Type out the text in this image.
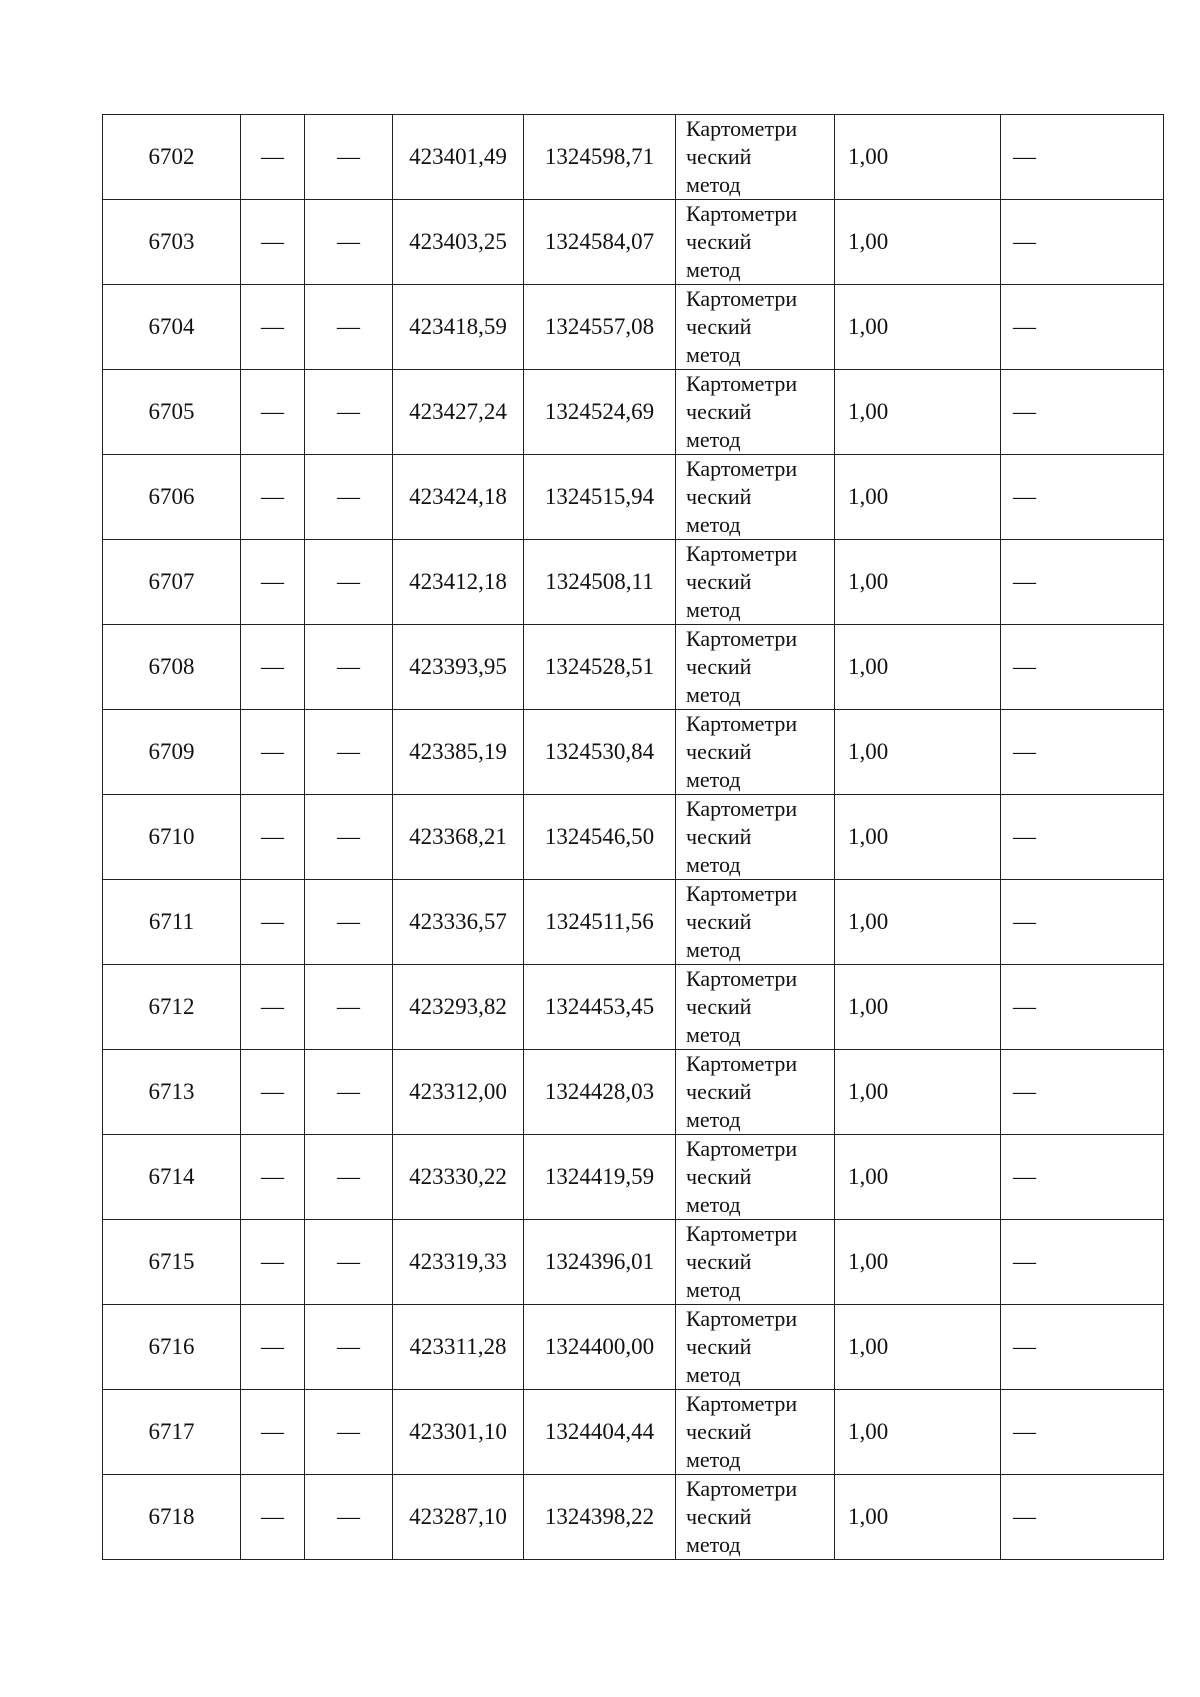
6702	—	—	423401,49	1324598,71	Картометри
ческий
метод	1,00	—
6703	—	—	423403,25	1324584,07	Картометри
ческий
метод	1,00	—
6704	—	—	423418,59	1324557,08	Картометри
ческий
метод	1,00	—
6705	—	—	423427,24	1324524,69	Картометри
ческий
метод	1,00	—
6706	—	—	423424,18	1324515,94	Картометри
ческий
метод	1,00	—
6707	—	—	423412,18	1324508,11	Картометри
ческий
метод	1,00	—
6708	—	—	423393,95	1324528,51	Картометри
ческий
метод	1,00	—
6709	—	—	423385,19	1324530,84	Картометри
ческий
метод	1,00	—
6710	—	—	423368,21	1324546,50	Картометри
ческий
метод	1,00	—
6711	—	—	423336,57	1324511,56	Картометри
ческий
метод	1,00	—
6712	—	—	423293,82	1324453,45	Картометри
ческий
метод	1,00	—
6713	—	—	423312,00	1324428,03	Картометри
ческий
метод	1,00	—
6714	—	—	423330,22	1324419,59	Картометри
ческий
метод	1,00	—
6715	—	—	423319,33	1324396,01	Картометри
ческий
метод	1,00	—
6716	—	—	423311,28	1324400,00	Картометри
ческий
метод	1,00	—
6717	—	—	423301,10	1324404,44	Картометри
ческий
метод	1,00	—
6718	—	—	423287,10	1324398,22	Картометри
ческий
метод	1,00	—
